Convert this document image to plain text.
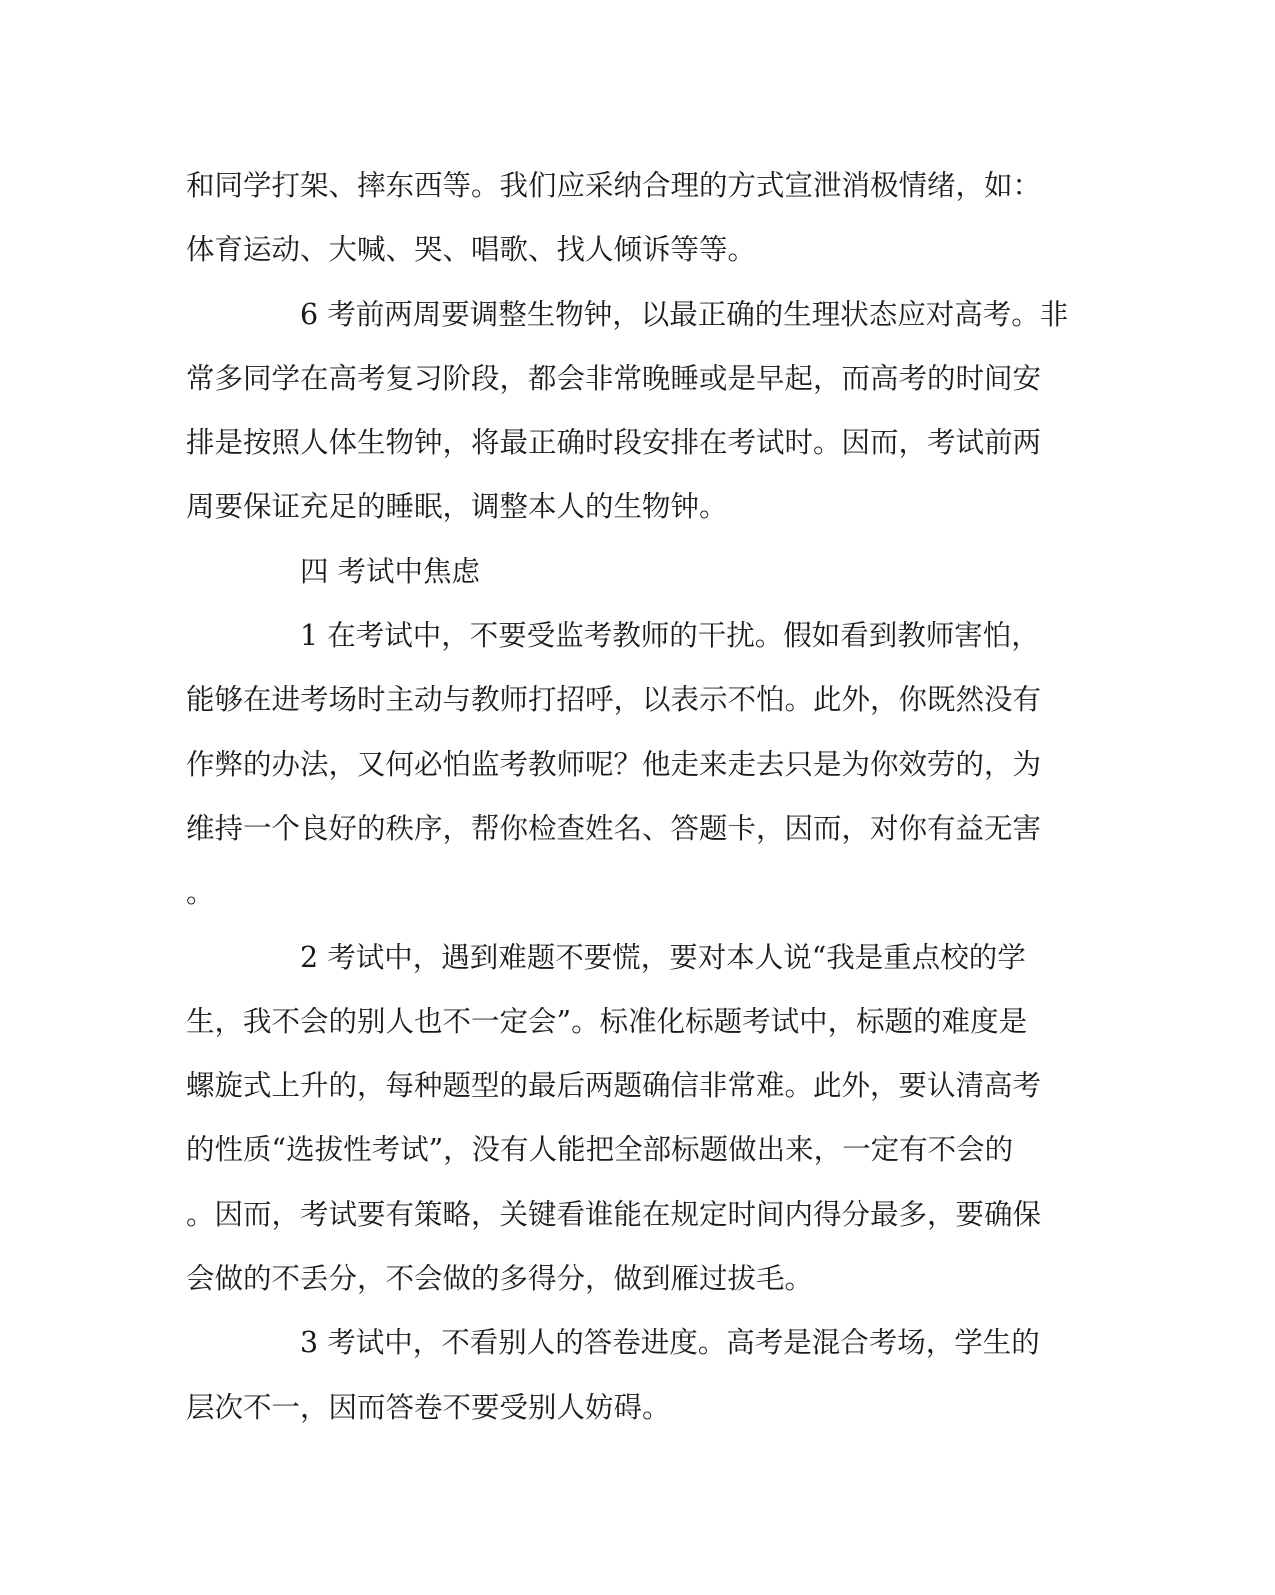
和同学打架、摔东西等。我们应采纳合理的方式宣泄消极情绪，如：
体育运动、大喊、哭、唱歌、找人倾诉等等。
6 考前两周要调整生物钟，以最正确的生理状态应对高考。非
常多同学在高考复习阶段，都会非常晚睡或是早起，而高考的时间安
排是按照人体生物钟，将最正确时段安排在考试时。因而，考试前两
周要保证充足的睡眠，调整本人的生物钟。
四 考试中焦虑
1 在考试中，不要受监考教师的干扰。假如看到教师害怕，
能够在进考场时主动与教师打招呼，以表示不怕。此外，你既然没有
作弊的办法，又何必怕监考教师呢？他走来走去只是为你效劳的，为
维持一个良好的秩序，帮你检查姓名、答题卡，因而，对你有益无害
。
2 考试中，遇到难题不要慌，要对本人说“我是重点校的学
生，我不会的别人也不一定会”。标准化标题考试中，标题的难度是
螺旋式上升的，每种题型的最后两题确信非常难。此外，要认清高考
的性质“选拔性考试”，没有人能把全部标题做出来，一定有不会的
。因而，考试要有策略，关键看谁能在规定时间内得分最多，要确保
会做的不丢分，不会做的多得分，做到雁过拔毛。
3 考试中，不看别人的答卷进度。高考是混合考场，学生的
层次不一，因而答卷不要受别人妨碍。
